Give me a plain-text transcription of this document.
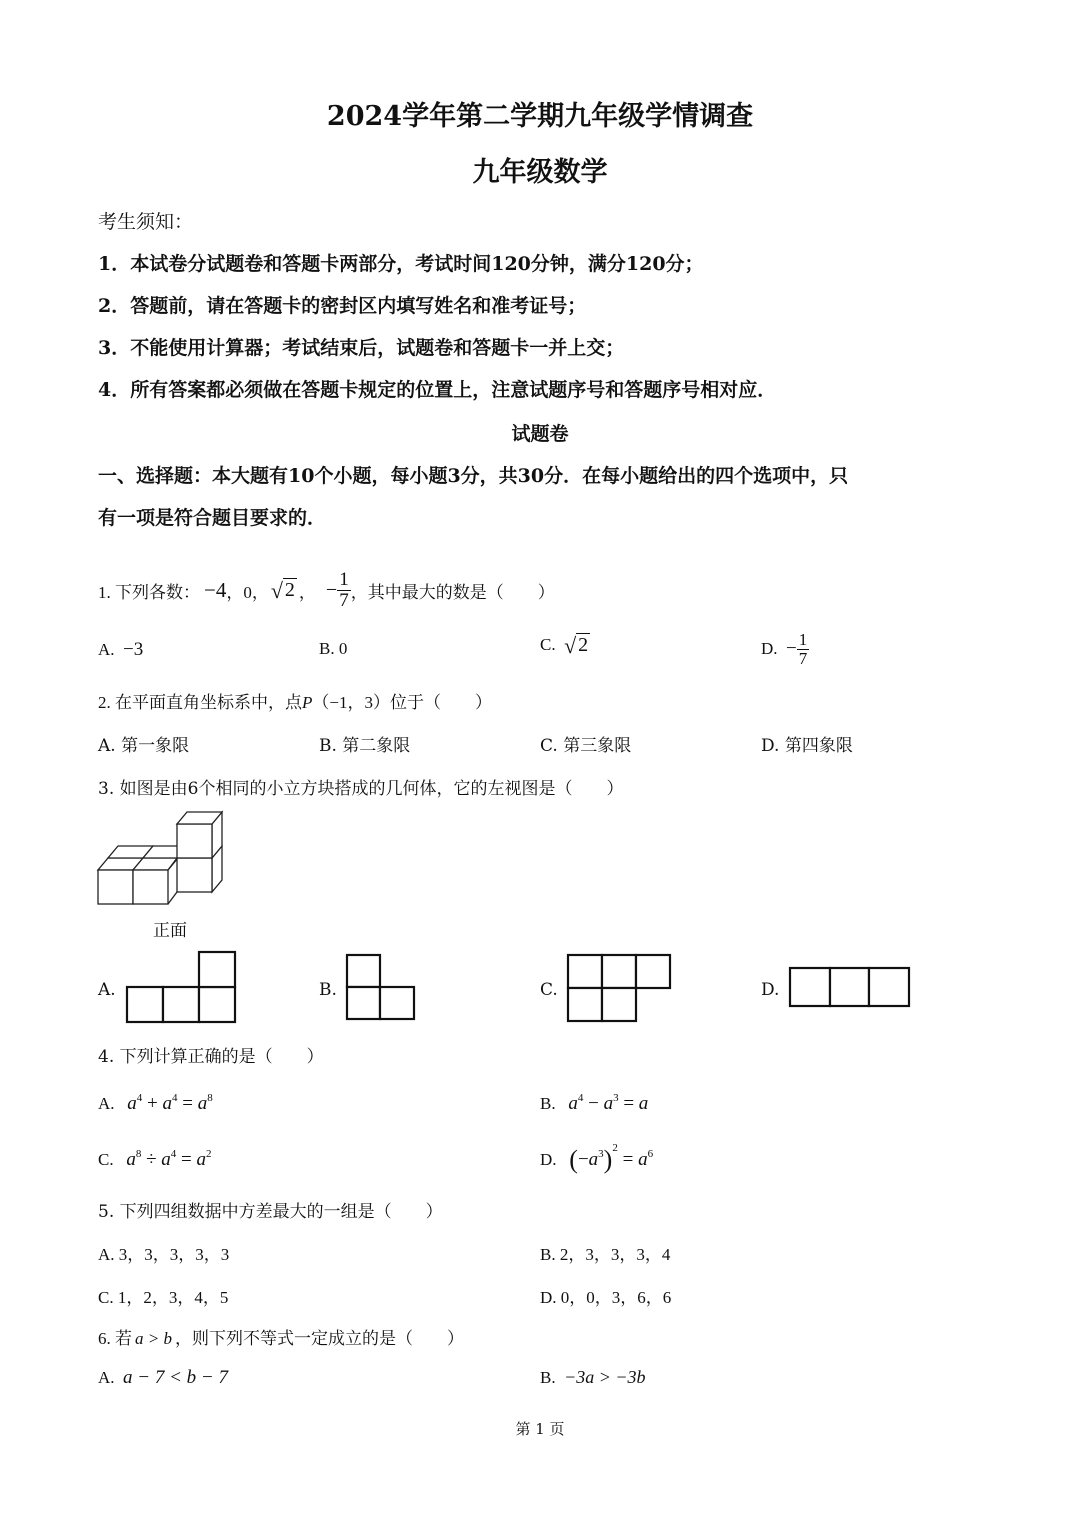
2024学年第二学期九年级学情调查
九年级数学
考生须知：
1．本试卷分试题卷和答题卡两部分，考试时间120分钟，满分120分；
2．答题前，请在答题卡的密封区内填写姓名和准考证号；
3．不能使用计算器；考试结束后，试题卷和答题卡一并上交；
4．所有答案都必须做在答题卡规定的位置上，注意试题序号和答题序号相对应．
试题卷
一、选择题：本大题有10个小题，每小题3分，共30分．在每小题给出的四个选项中，只
有一项是符合题目要求的．
1. 下列各数： −4 ，0， √ 2 ， − $\frac{1}{7}$ ，其中最大的数是（　　）
A. −3	B. 0	C.
√ 2	D.
− $\frac{1}{7}$
2. 在平面直角坐标系中，点P（−1，3）位于（　　）
A. 第一象限	B. 第二象限	C. 第三象限	D. 第四象限
3. 如图是由6个相同的小立方块搭成的几何体，它的左视图是（　　）
正面
A.	B.	C.	D.
4. 下列计算正确的是（　　）
A. $a^4 + a^4 = a^8$	B. $a^4 - a^3 = a$
C. $a^8 \div a^4 = a^2$	D. $(-a^3)^2 = a^6$
5. 下列四组数据中方差最大的一组是（　　）
A. 3，3，3，3，3	B. 2，3，3，3，4
C. 1，2，3，4，5	D. 0，0，3，6，6
6. 若 a > b ，则下列不等式一定成立的是（　　）
A. a − 7 < b − 7	B. −3a > −3b
第 1 页
